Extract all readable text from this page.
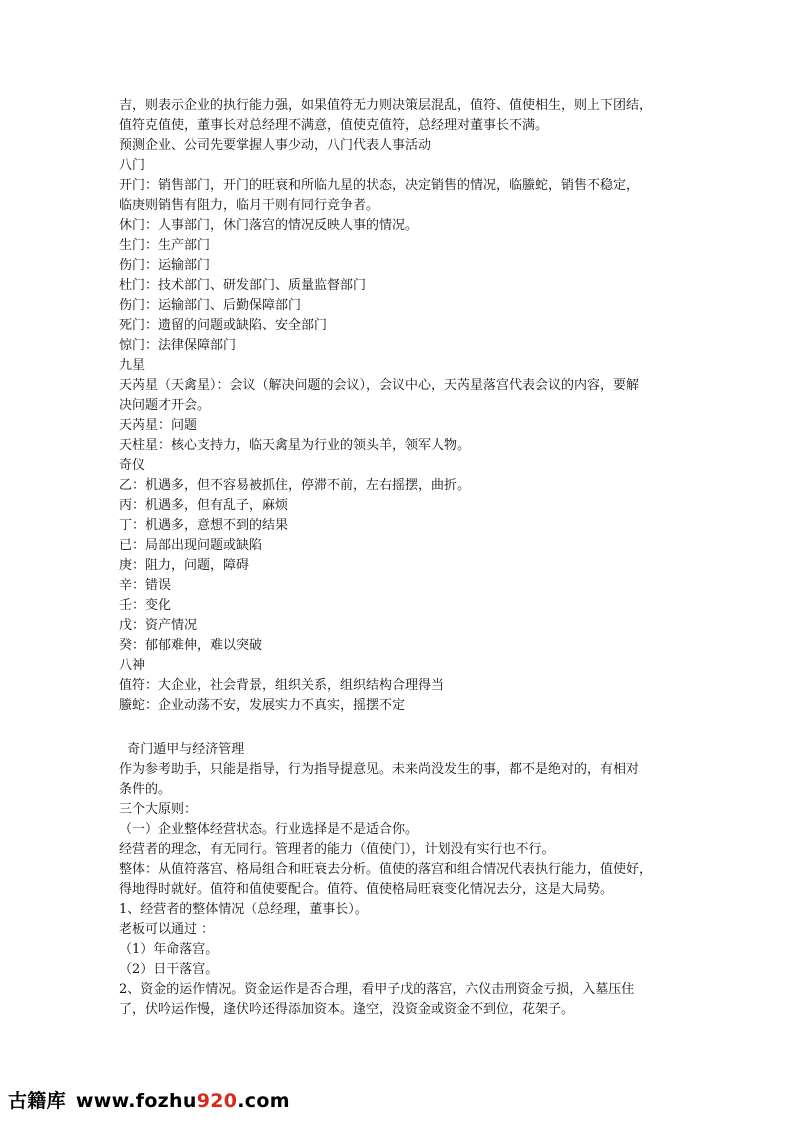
吉，则表示企业的执行能力强，如果值符无力则决策层混乱，值符、值使相生，则上下团结，
值符克值使，董事长对总经理不满意，值使克值符，总经理对董事长不满。
预测企业、公司先要掌握人事少动，八门代表人事活动
八门
开门：销售部门，开门的旺衰和所临九星的状态，决定销售的情况，临螣蛇，销售不稳定，
临庚则销售有阻力，临月干则有同行竞争者。
休门：人事部门，休门落宫的情况反映人事的情况。
生门：生产部门
伤门：运输部门
杜门：技术部门、研发部门、质量监督部门
伤门：运输部门、后勤保障部门
死门：遗留的问题或缺陷、安全部门
惊门：法律保障部门
九星
天芮星（天禽星）：会议（解决问题的会议），会议中心，天芮星落宫代表会议的内容，要解
决问题才开会。
天芮星：问题
天柱星：核心支持力，临天禽星为行业的领头羊，领军人物。
奇仪
乙：机遇多，但不容易被抓住，停滞不前，左右摇摆，曲折。
丙：机遇多，但有乱子，麻烦
丁：机遇多，意想不到的结果
已：局部出现问题或缺陷
庚：阻力，问题，障碍
辛：错误
壬：变化
戊：资产情况
癸：郁郁难伸，难以突破
八神
值符：大企业，社会背景，组织关系，组织结构合理得当
螣蛇：企业动荡不安，发展实力不真实，摇摆不定
奇门遁甲与经济管理
作为参考助手，只能是指导，行为指导提意见。未来尚没发生的事，都不是绝对的，有相对
条件的。
三个大原则：
（一）企业整体经营状态。行业选择是不是适合你。
经营者的理念，有无同行。管理者的能力（值使门），计划没有实行也不行。
整体：从值符落宫、格局组合和旺衰去分析。值使的落宫和组合情况代表执行能力，值使好，
得地得时就好。值符和值使要配合。值符、值使格局旺衰变化情况去分，这是大局势。
1、经营者的整体情况（总经理，董事长）。
老板可以通过 ：
（1）年命落宫。
（2）日干落宫。
2、资金的运作情况。资金运作是否合理，看甲子戊的落宫，六仪击刑资金亏损，入墓压住
了，伏吟运作慢，逢伏吟还得添加资本。逢空，没资金或资金不到位，花架子。
古籍库 www.fozhu920.com
